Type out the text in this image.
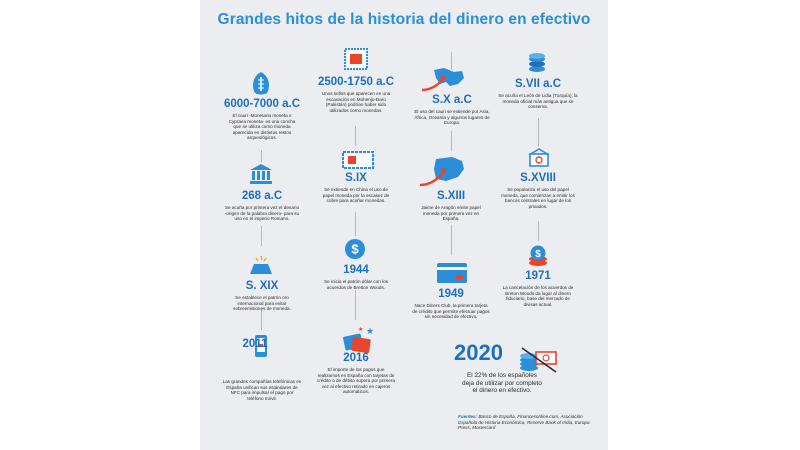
Grandes hitos de la historia del dinero en efectivo
6000-7000 a.C
El cauri -Monetaria moneta o Cypraea moneta- es una concha que se utiliza como moneda aparecida en distintos restos arqueológicos.
2500-1750 a.C
Unos sellos que aparecen en una excavación en Mohenjo-Daro (Pakistán) podrían haber sido utilizados como monedas.
S.X a.C
El uso del cauri se extiende por Asia, África, Oceanía y algunos lugares de Europa.
S.VII a.C
Se acuña el León de Lidia (Turquía), la moneda oficial más antigua que se conserva.
268 a.C
Se acuña por primera vez el denario -origen de la palabra dinero- para su uso en el imperio Romano.
S.IX
Se extiende en China el uso de papel moneda por la escasez de cobre para acuñar monedas.	S.XIII
Jaime de Aragón emite papel moneda por primera vez en España.
S.XVIII
Se populariza el uso del papel moneda, que comienzan a emitir los bancos centrales en lugar de los privados.
$	$
S. XIX
Se establece el patrón oro internacional para evitar sobreemisiones de moneda.
1944
Se inicia el patrón dólar con los acuerdos de Bretton Woods.
1949
Nace Diners Club, la primera tarjeta de crédito que permite efectuar pagos sin necesidad de efectivo.
1971
La cancelación de los acuerdos de Breton Woods da lugar al dinero fiduciario, base del mercado de divisas actual.
★
★
2011
Las grandes compañías telefónicas en España unifican sus estándares de NFC para impulsar el pago por teléfono móvil.
2016
El importe de los pagos que realizamos en España con tarjetas de crédito o de débito supera por primera vez al efectivo retirado en cajeros automáticos.
2020
El 22% de los españoles deja de utilizar por completo el dinero en efectivo.
Fuentes: Banco de España, Financesonline.com, Asociación Española de Historia Económica, Reserve Bank of India, Europa Press, Mastercard
